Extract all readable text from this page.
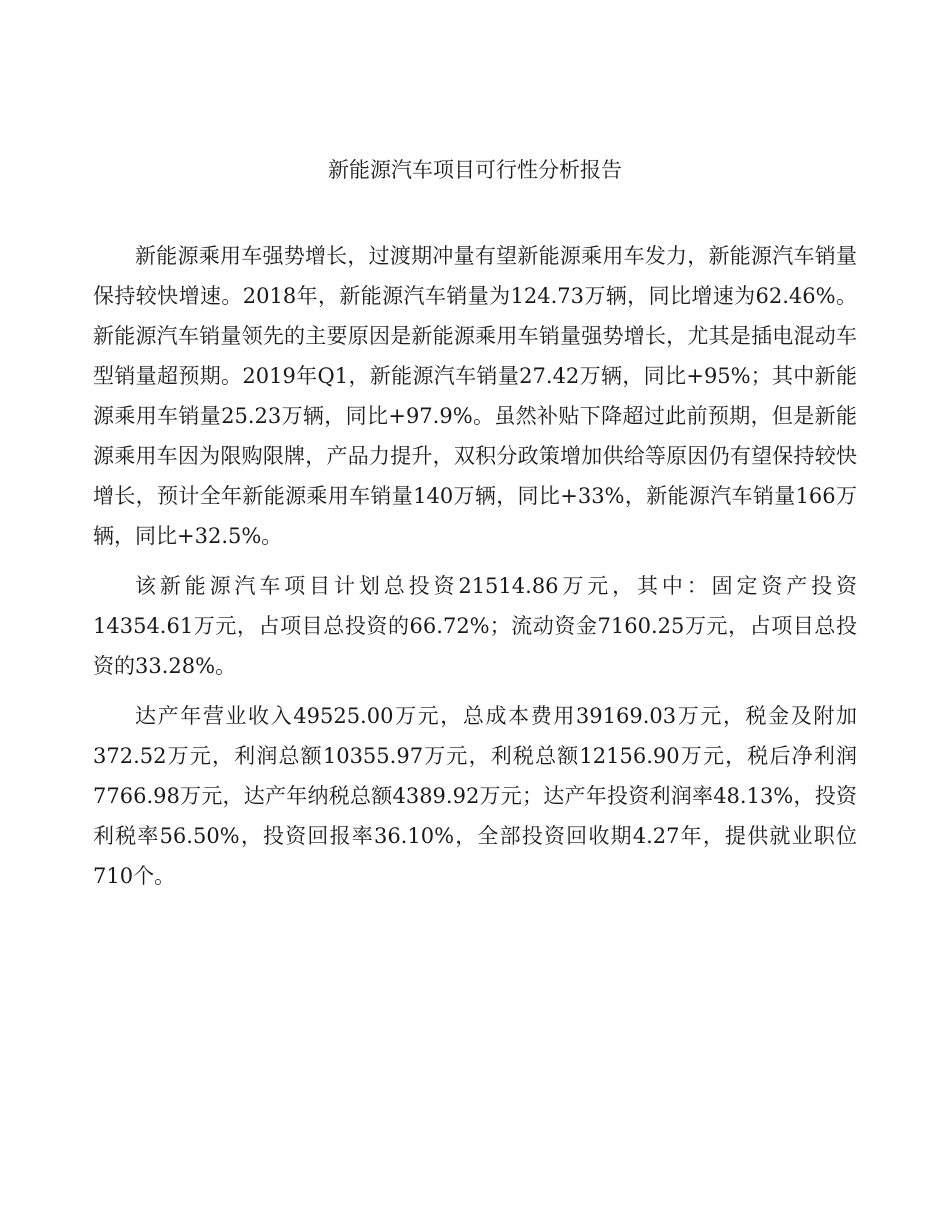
新能源汽车项目可行性分析报告

新能源乘用车强势增长，过渡期冲量有望新能源乘用车发力，新能源汽车销量保持较快增速。2018年，新能源汽车销量为124.73万辆，同比增速为62.46%。新能源汽车销量领先的主要原因是新能源乘用车销量强势增长，尤其是插电混动车型销量超预期。2019年Q1，新能源汽车销量27.42万辆，同比+95%；其中新能源乘用车销量25.23万辆，同比+97.9%。虽然补贴下降超过此前预期，但是新能源乘用车因为限购限牌，产品力提升，双积分政策增加供给等原因仍有望保持较快增长，预计全年新能源乘用车销量140万辆，同比+33%，新能源汽车销量166万辆，同比+32.5%。

该新能源汽车项目计划总投资21514.86万元，其中：固定资产投资14354.61万元，占项目总投资的66.72%；流动资金7160.25万元，占项目总投资的33.28%。

达产年营业收入49525.00万元，总成本费用39169.03万元，税金及附加372.52万元，利润总额10355.97万元，利税总额12156.90万元，税后净利润7766.98万元，达产年纳税总额4389.92万元；达产年投资利润率48.13%，投资利税率56.50%，投资回报率36.10%，全部投资回收期4.27年，提供就业职位710个。
